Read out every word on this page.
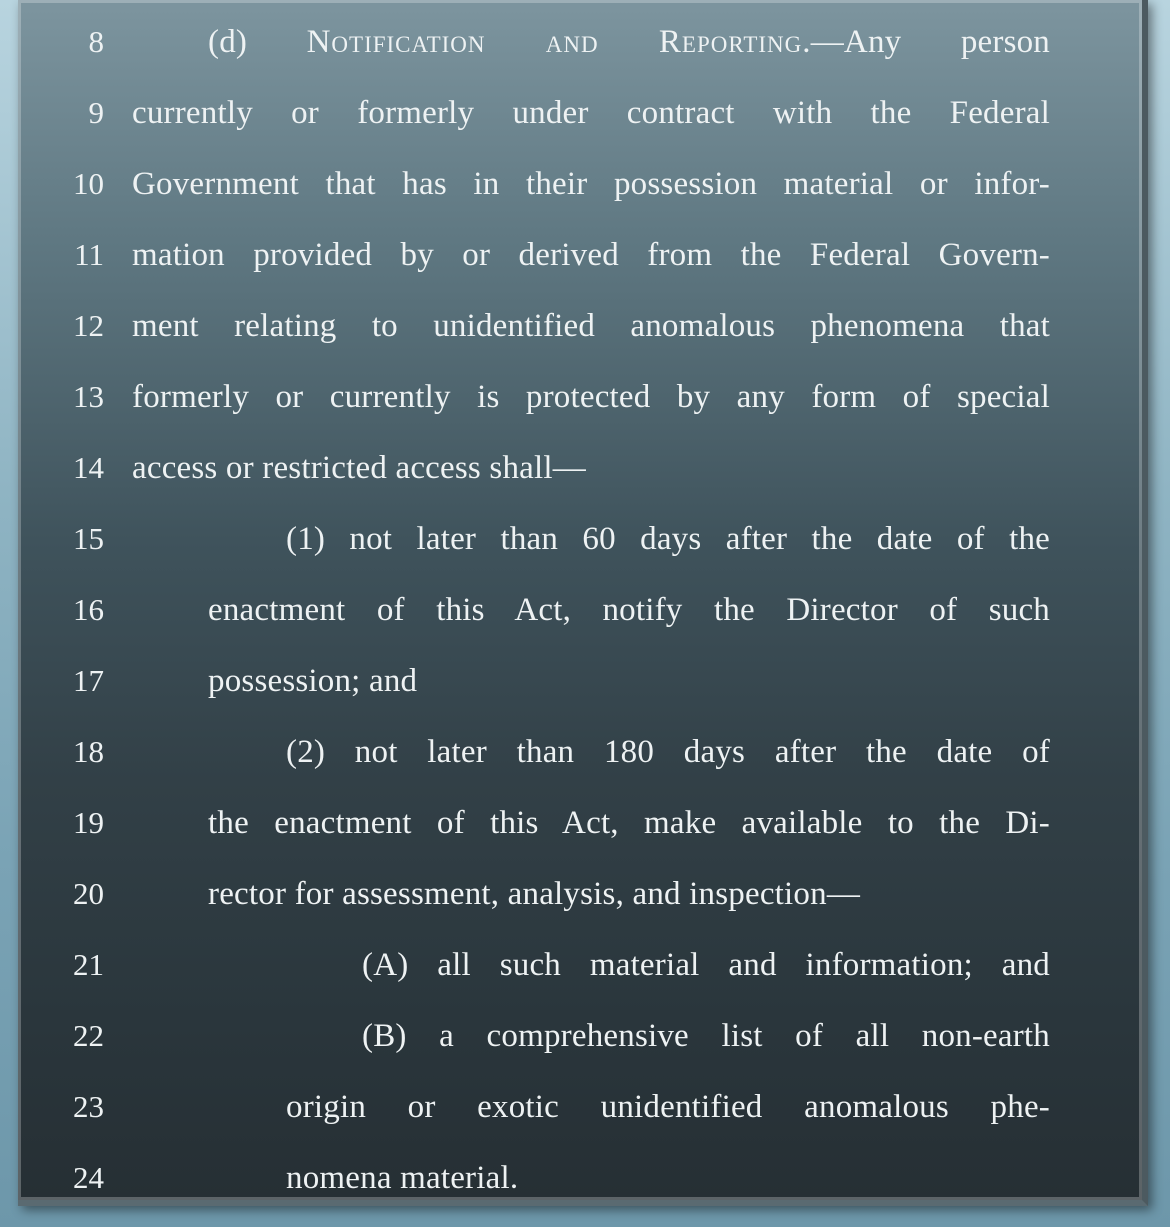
8	(d) Notification and Reporting.—Any person
9 currently or formerly under contract with the Federal
10 Government that has in their possession material or infor-
11 mation provided by or derived from the Federal Govern-
12 ment relating to unidentified anomalous phenomena that
13 formerly or currently is protected by any form of special
14 access or restricted access shall—
15	(1) not later than 60 days after the date of the
16	enactment of this Act, notify the Director of such
17	possession; and
18	(2) not later than 180 days after the date of
19	the enactment of this Act, make available to the Di-
20	rector for assessment, analysis, and inspection—
21	(A) all such material and information; and
22	(B) a comprehensive list of all non-earth
23	origin or exotic unidentified anomalous phe-
24	nomena material.
